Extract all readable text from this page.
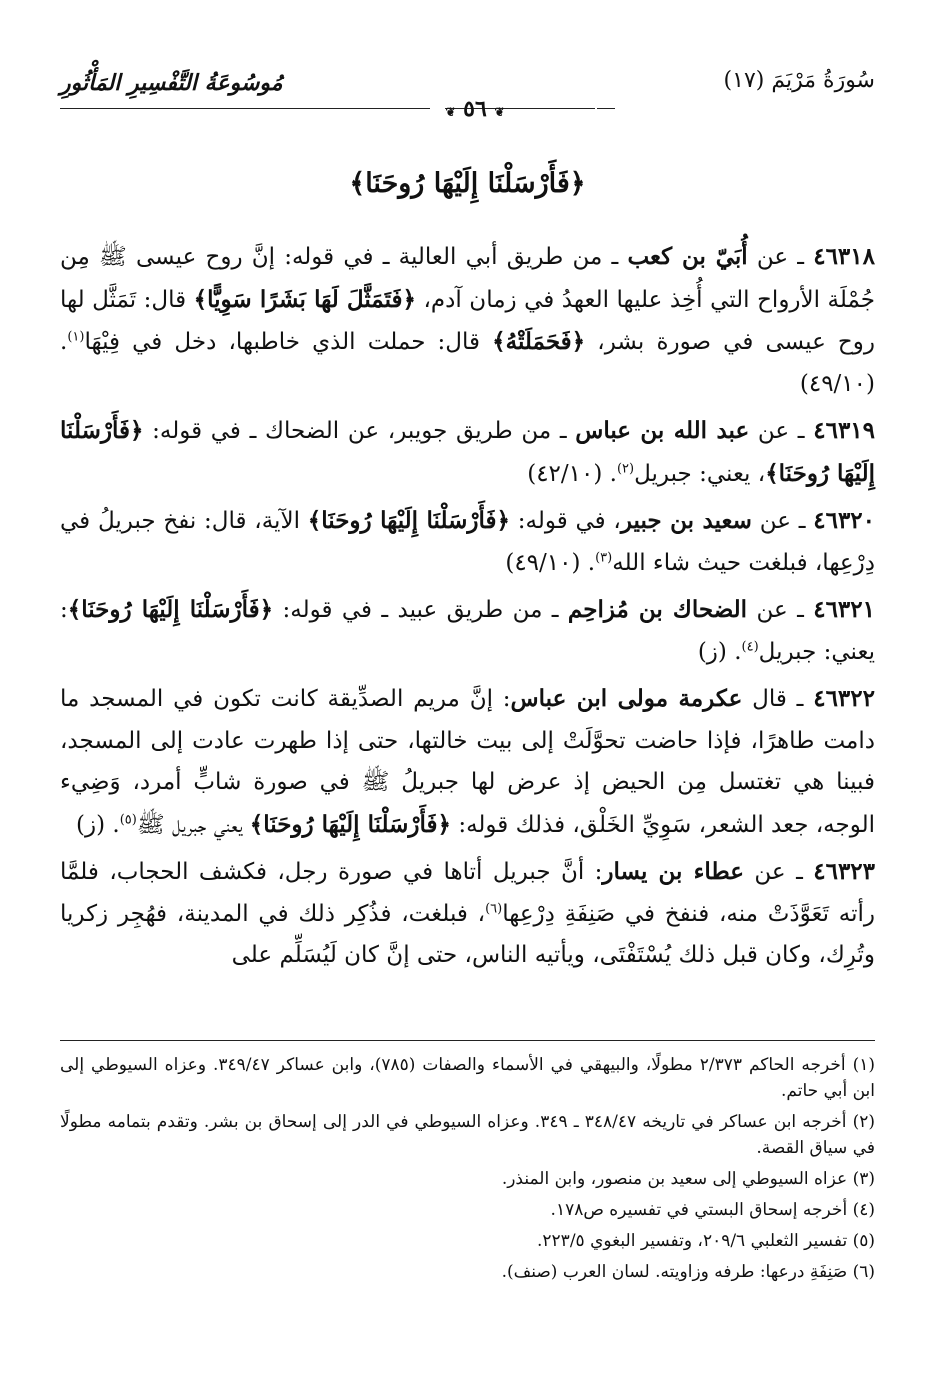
سُورَةُ مَرْيَمَ (١٧)
❦ ٥٦ ❦
مُوسُوعَةُ التَّفْسِيرِ المَأْثُورِ
﴿فَأَرْسَلْنَا إِلَيْهَا رُوحَنَا﴾

٤٦٣١٨ ـ عن أُبَيّ بن كعب ـ من طريق أبي العالية ـ في قوله: إنَّ روح عيسى ﷺ مِن جُمْلَة الأرواح التي أُخِذ عليها العهدُ في زمان آدم، ﴿فَتَمَثَّلَ لَهَا بَشَرًا سَوِيًّا﴾ قال: تَمَثَّل لها روح عيسى في صورة بشر، ﴿فَحَمَلَتْهُ﴾ قال: حملت الذي خاطبها، دخل في فِيْهَا$^{(١)}$. (٤٩/١٠)

٤٦٣١٩ ـ عن عبد الله بن عباس ـ من طريق جويبر، عن الضحاك ـ في قوله: ﴿فَأَرْسَلْنَا إِلَيْهَا رُوحَنَا﴾، يعني: جبريل$^{(٢)}$. (٤٢/١٠)

٤٦٣٢٠ ـ عن سعيد بن جبير، في قوله: ﴿فَأَرْسَلْنَا إِلَيْهَا رُوحَنَا﴾ الآية، قال: نفخ جبريلُ في دِرْعِها، فبلغت حيث شاء الله$^{(٣)}$. (٤٩/١٠)

٤٦٣٢١ ـ عن الضحاك بن مُزاحِم ـ من طريق عبيد ـ في قوله: ﴿فَأَرْسَلْنَا إِلَيْهَا رُوحَنَا﴾: يعني: جبريل$^{(٤)}$. (ز)

٤٦٣٢٢ ـ قال عكرمة مولى ابن عباس: إنَّ مريم الصدِّيقة كانت تكون في المسجد ما دامت طاهرًا، فإذا حاضت تحوَّلَتْ إلى بيت خالتها، حتى إذا طهرت عادت إلى المسجد، فبينا هي تغتسل مِن الحيض إذ عرض لها جبريلُ ﷺ في صورة شابٍّ أمرد، وَضِيء الوجه، جعد الشعر، سَوِيِّ الخَلْق، فذلك قوله: ﴿فَأَرْسَلْنَا إِلَيْهَا رُوحَنَا﴾ يعني جبريل ﷺ$^{(٥)}$. (ز)

٤٦٣٢٣ ـ عن عطاء بن يسار: أنَّ جبريل أتاها في صورة رجل، فكشف الحجاب، فلمَّا رأته تَعَوَّذَتْ منه، فنفخ في صَنِفَةِ دِرْعِها$^{(٦)}$، فبلغت، فذُكِر ذلك في المدينة، فهُجِر زكريا وتُرِك، وكان قبل ذلك يُسْتَفْتَى، ويأتيه الناس، حتى إنَّ كان لَيُسَلِّم على

(١) أخرجه الحاكم ٢/٣٧٣ مطولًا، والبيهقي في الأسماء والصفات (٧٨٥)، وابن عساكر ٣٤٩/٤٧. وعزاه السيوطي إلى ابن أبي حاتم.

(٢) أخرجه ابن عساكر في تاريخه ٣٤٨/٤٧ ـ ٣٤٩. وعزاه السيوطي في الدر إلى إسحاق بن بشر. وتقدم بتمامه مطولًا في سياق القصة.

(٣) عزاه السيوطي إلى سعيد بن منصور، وابن المنذر.

(٤) أخرجه إسحاق البستي في تفسيره ص١٧٨.

(٥) تفسير الثعلبي ٢٠٩/٦، وتفسير البغوي ٢٢٣/٥.

(٦) صَنِفَةِ درعها: طرفه وزاويته. لسان العرب (صنف).
